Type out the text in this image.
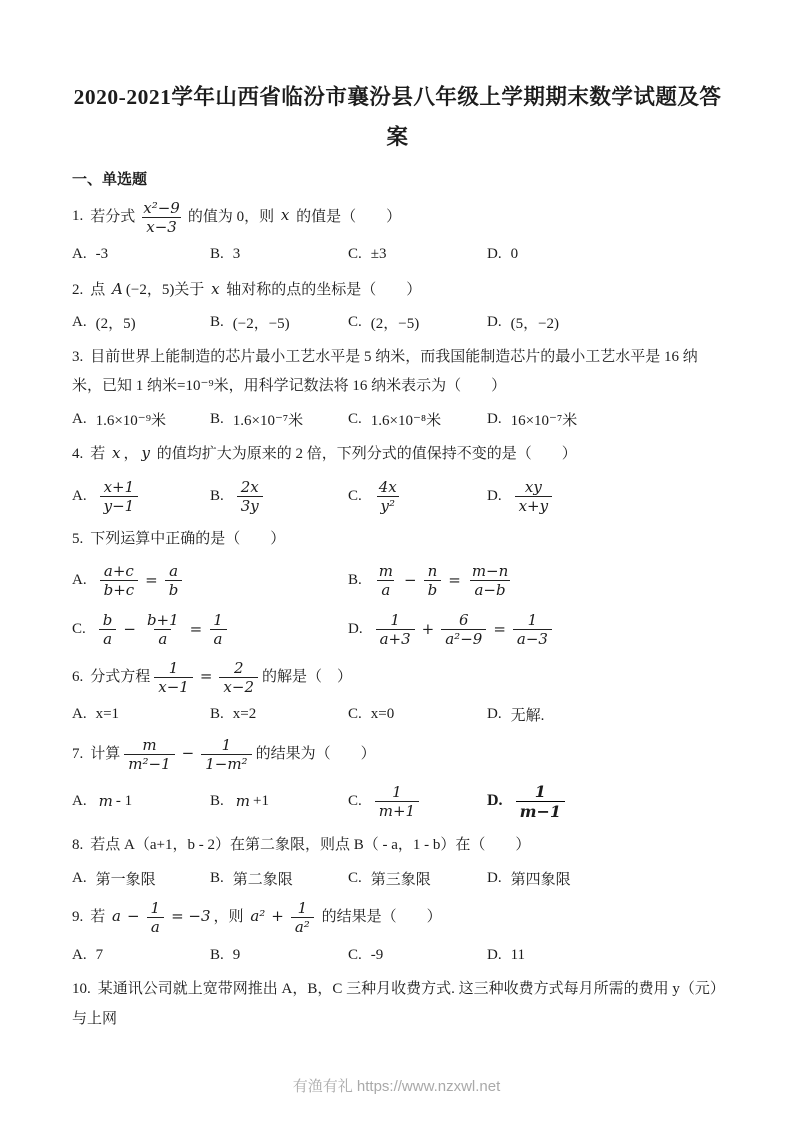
2020-2021学年山西省临汾市襄汾县八年级上学期期末数学试题及答
案
一、单选题

1. 若分式 $\frac{\text{x²−9}}{x-3}$ 的值为 0，则 x 的值是（　　）

A. -3	B. 3	C. ±3	D. 0

2. 点 A (−2，5)关于 x 轴对称的点的坐标是（　　）

A. (2，5)	B. (−2，−5)	C. (2，−5)	D. (5，−2)

3. 目前世界上能制造的芯片最小工艺水平是 5 纳米，而我国能制造芯片的最小工艺水平是 16 纳米，已知 1 纳米=10⁻⁹米，用科学记数法将 16 纳米表示为（　　）

A. 1.6×10⁻⁹米	B. 1.6×10⁻⁷米	C. 1.6×10⁻⁸米	D. 16×10⁻⁷米

4. 若 x ， y 的值均扩大为原来的 2 倍，下列分式的值保持不变的是（　　）

A. $\frac{x+1}{y-1}$	B. $\frac{2x}{3y}$	C. $\frac{4x}{\text{y²}}$	D. $\frac{xy}{x+y}$

5. 下列运算中正确的是（　　）

A. $\frac{a+c}{b+c} = \frac{a}{b}$	B. $\frac{m}{a} - \frac{n}{b} = \frac{m-n}{a-b}$
C. $\frac{b}{a} - \frac{b+1}{a} = \frac{1}{a}$	D. $\frac{1}{a+3} + \frac{6}{\text{a²−9}} = \frac{1}{a-3}$

6. 分式方程 $\frac{1}{x-1} = \frac{2}{x-2}$ 的解是（　）

A. x=1	B. x=2	C. x=0	D. 无解.

7. 计算 $\frac{m}{\text{m²−1}} - \frac{1}{\text{1−m²}}$ 的结果为（　　）

A. m - 1	B. m +1	C. $\frac{1}{m+1}$	D. $\frac{1}{m-1}$

8. 若点 A（a+1，b - 2）在第二象限，则点 B（ - a，1 - b）在（　　）

A. 第一象限	B. 第二象限	C. 第三象限	D. 第四象限

9. 若 $a - \frac{1}{a} = -3$ ，则 $a^2 + \frac{1}{\text{a²}}$ 的结果是（　　）

A. 7	B. 9	C. -9	D. 11

10. 某通讯公司就上宽带网推出 A，B，C 三种月收费方式. 这三种收费方式每月所需的费用 y（元）与上网

有渔有礼 https://www.nzxwl.net
